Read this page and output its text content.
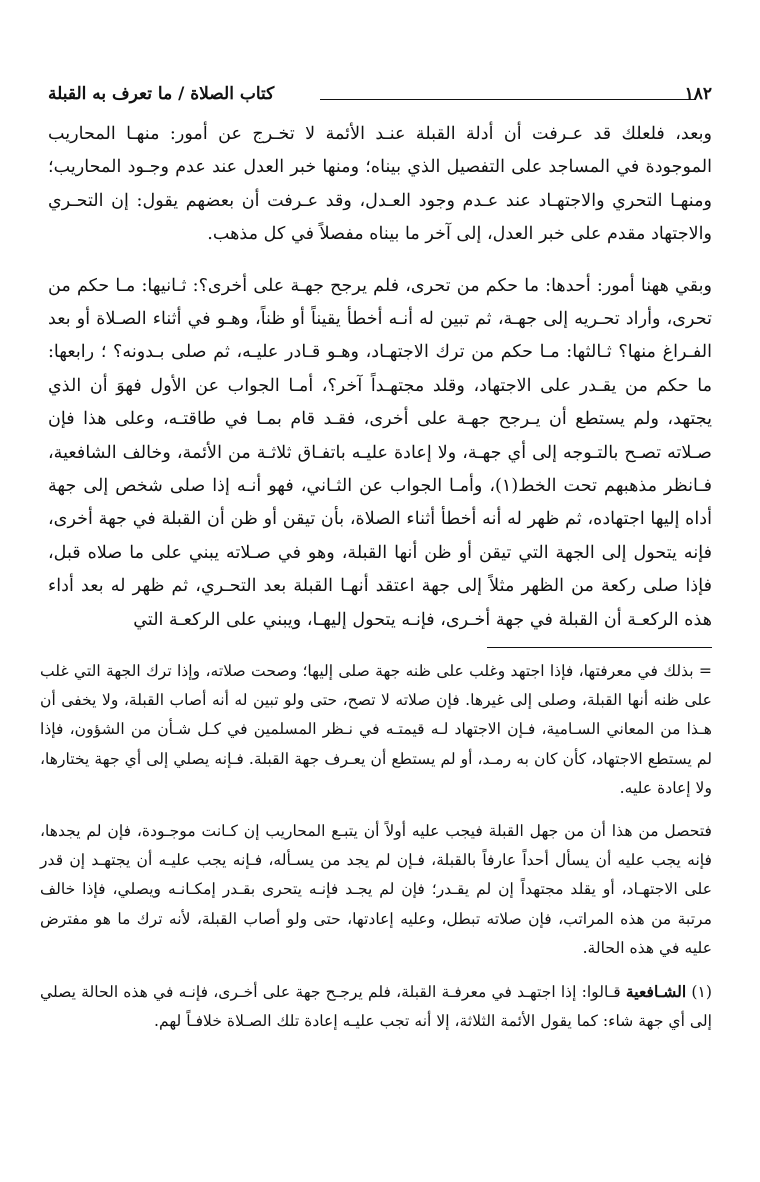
كتاب الصلاة / ما تعرف به القبلة	١٨٢

وبعد، فلعلك قد عـرفت أن أدلة القبلة عنـد الأئمة لا تخـرج عن أمور: منهـا المحاريب الموجودة في المساجد على التفصيل الذي بيناه؛ ومنها خبر العدل عند عدم وجـود المحاريب؛ ومنهـا التحري والاجتهـاد عند عـدم وجود العـدل، وقد عـرفت أن بعضهم يقول: إن التحـري والاجتهاد مقدم على خبر العدل، إلى آخر ما بيناه مفصلاً في كل مذهب.

وبقي ههنا أمور: أحدها: ما حكم من تحرى، فلم يرجح جهـة على أخرى؟: ثـانيها: مـا حكم من تحرى، وأراد تحـريه إلى جهـة، ثم تبين له أنـه أخطأ يقيناً أو ظناً، وهـو في أثناء الصـلاة أو بعد الفـراغ منها؟ ثـالثها: مـا حكم من ترك الاجتهـاد، وهـو قـادر عليـه، ثم صلى بـدونه؟ ؛ رابعها: ما حكم من يقـدر على الاجتهاد، وقلد مجتهـداً آخر؟، أمـا الجواب عن الأول فهوَ أن الذي يجتهد، ولم يستطع أن يـرجح جهـة على أخرى، فقـد قام بمـا في طاقتـه، وعلى هذا فإن صـلاته تصـح بالتـوجه إلى أي جهـة، ولا إعادة عليـه باتفـاق ثلاثـة من الأئمة، وخالف الشافعية، فـانظر مذهبهم تحت الخط(١)، وأمـا الجواب عن الثـاني، فهو أنـه إذا صلى شخص إلى جهة أداه إليها اجتهاده، ثم ظهر له أنه أخطأ أثناء الصلاة، بأن تيقن أو ظن أن القبلة في جهة أخرى، فإنه يتحول إلى الجهة التي تيقن أو ظن أنها القبلة، وهو في صـلاته يبني على ما صلاه قبل، فإذا صلى ركعة من الظهر مثلاً إلى جهة اعتقد أنهـا القبلة بعد التحـري، ثم ظهر له بعد أداء هذه الركعـة أن القبلة في جهة أخـرى، فإنـه يتحول إليهـا، ويبني على الركعـة التي

= بذلك في معرفتها، فإذا اجتهد وغلب على ظنه جهة صلى إليها؛ وصحت صلاته، وإذا ترك الجهة التي غلب على ظنه أنها القبلة، وصلى إلى غيرها. فإن صلاته لا تصح، حتى ولو تبين له أنه أصاب القبلة، ولا يخفى أن هـذا من المعاني السـامية، فـإن الاجتهاد لـه قيمتـه في نـظر المسلمين في كـل شـأن من الشؤون، فإذا لم يستطع الاجتهاد، كأن كان به رمـد، أو لم يستطع أن يعـرف جهة القبلة. فـإنه يصلي إلى أي جهة يختارها، ولا إعادة عليه.

فتحصل من هذا أن من جهل القبلة فيجب عليه أولاً أن يتبـع المحاريب إن كـانت موجـودة، فإن لم يجدها، فإنه يجب عليه أن يسأل أحداً عارفاً بالقبلة، فـإن لم يجد من يسـأله، فـإنه يجب عليـه أن يجتهـد إن قدر على الاجتهـاد، أو يقلد مجتهداً إن لم يقـدر؛ فإن لم يجـد فإنـه يتحرى بقـدر إمكـانـه ويصلي، فإذا خالف مرتبة من هذه المراتب، فإن صلاته تبطل، وعليه إعادتها، حتى ولو أصاب القبلة، لأنه ترك ما هو مفترض عليه في هذه الحالة.

(١) الشـافعية قـالوا: إذا اجتهـد في معرفـة القبلة، فلم يرجـح جهة على أخـرى، فإنـه في هذه الحالة يصلي إلى أي جهة شاء: كما يقول الأئمة الثلاثة، إلا أنه تجب عليـه إعادة تلك الصـلاة خلافـاً لهم.
